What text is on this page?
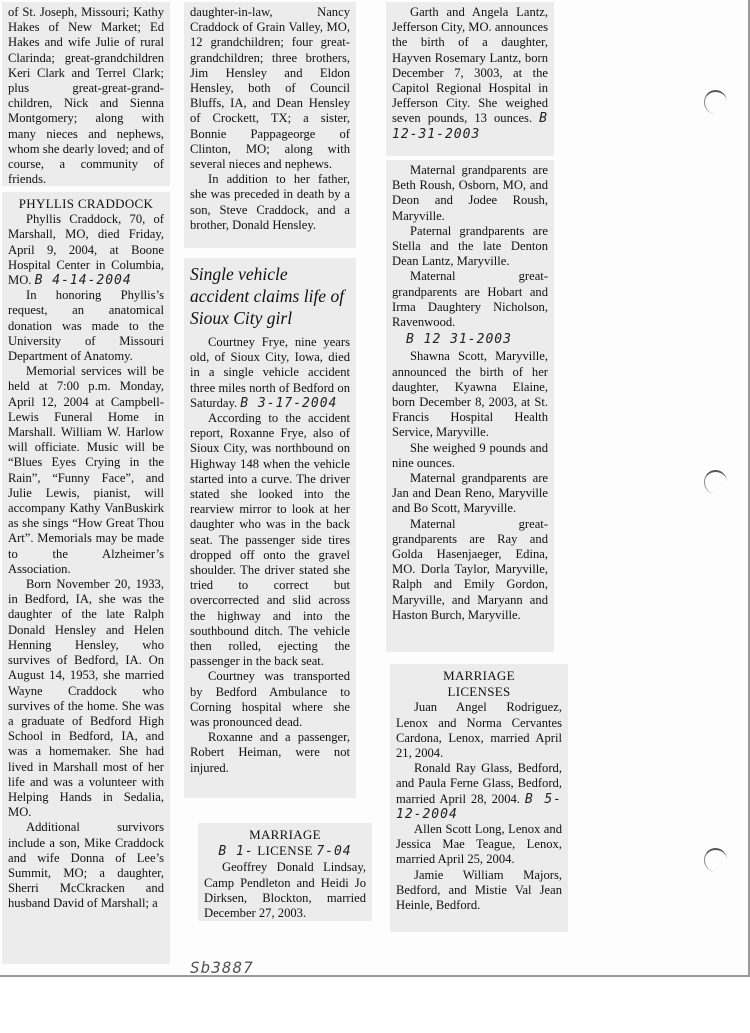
of St. Joseph, Missouri; Kathy Hakes of New Market; Ed Hakes and wife Julie of rural Clarinda; great-grandchildren Keri Clark and Terrel Clark; plus great-great-grand-children, Nick and Sienna Montgomery; along with many nieces and nephews, whom she dearly loved; and of course, a community of friends.

PHYLLIS CRADDOCK

Phyllis Craddock, 70, of Marshall, MO, died Friday, April 9, 2004, at Boone Hospital Center in Columbia, MO. B 4-14-2004

In honoring Phyllis’s request, an anatomical donation was made to the University of Missouri Department of Anatomy.

Memorial services will be held at 7:00 p.m. Monday, April 12, 2004 at Campbell-Lewis Funeral Home in Marshall. William W. Harlow will officiate. Music will be “Blues Eyes Crying in the Rain”, “Funny Face”, and Julie Lewis, pianist, will accompany Kathy VanBuskirk as she sings “How Great Thou Art”. Memorials may be made to the Alzheimer’s Association.

Born November 20, 1933, in Bedford, IA, she was the daughter of the late Ralph Donald Hensley and Helen Henning Hensley, who survives of Bedford, IA. On August 14, 1953, she married Wayne Craddock who survives of the home. She was a graduate of Bedford High School in Bedford, IA, and was a homemaker. She had lived in Marshall most of her life and was a volunteer with Helping Hands in Sedalia, MO.

Additional survivors include a son, Mike Craddock and wife Donna of Lee’s Summit, MO; a daughter, Sherri McCkracken and husband David of Marshall; a

daughter-in-law, Nancy Craddock of Grain Valley, MO, 12 grandchildren; four great-grandchildren; three brothers, Jim Hensley and Eldon Hensley, both of Council Bluffs, IA, and Dean Hensley of Crockett, TX; a sister, Bonnie Pappageorge of Clinton, MO; along with several nieces and nephews.

In addition to her father, she was preceded in death by a son, Steve Craddock, and a brother, Donald Hensley.

Single vehicle accident claims life of Sioux City girl

Courtney Frye, nine years old, of Sioux City, Iowa, died in a single vehicle accident three miles north of Bedford on Saturday. B 3-17-2004

According to the accident report, Roxanne Frye, also of Sioux City, was northbound on Highway 148 when the vehicle started into a curve. The driver stated she looked into the rearview mirror to look at her daughter who was in the back seat. The passenger side tires dropped off onto the gravel shoulder. The driver stated she tried to correct but overcorrected and slid across the highway and into the southbound ditch. The vehicle then rolled, ejecting the passenger in the back seat.

Courtney was transported by Bedford Ambulance to Corning hospital where she was pronounced dead.

Roxanne and a passenger, Robert Heiman, were not injured.

MARRIAGE
B 1- LICENSE 7-04

Geoffrey Donald Lindsay, Camp Pendleton and Heidi Jo Dirksen, Blockton, married December 27, 2003.

Garth and Angela Lantz, Jefferson City, MO. announces the birth of a daughter, Hayven Rosemary Lantz, born December 7, 3003, at the Capitol Regional Hospital in Jefferson City. She weighed seven pounds, 13 ounces. B 12-31-2003

Maternal grandparents are Beth Roush, Osborn, MO, and Deon and Jodee Roush, Maryville.

Paternal grandparents are Stella and the late Denton Dean Lantz, Maryville.

Maternal great-grandparents are Hobart and Irma Daughtery Nicholson, Ravenwood.

B 12 31-2003

Shawna Scott, Maryville, announced the birth of her daughter, Kyawna Elaine, born December 8, 2003, at St. Francis Hospital Health Service, Maryville.

She weighed 9 pounds and nine ounces.

Maternal grandparents are Jan and Dean Reno, Maryville and Bo Scott, Maryville.

Maternal great-grandparents are Ray and Golda Hasenjaeger, Edina, MO. Dorla Taylor, Maryville, Ralph and Emily Gordon, Maryville, and Maryann and Haston Burch, Maryville.

MARRIAGE
LICENSES

Juan Angel Rodriguez, Lenox and Norma Cervantes Cardona, Lenox, married April 21, 2004.

Ronald Ray Glass, Bedford, and Paula Ferne Glass, Bedford, married April 28, 2004. B 5-12-2004

Allen Scott Long, Lenox and Jessica Mae Teague, Lenox, married April 25, 2004.

Jamie William Majors, Bedford, and Mistie Val Jean Heinle, Bedford.

Sb3887
